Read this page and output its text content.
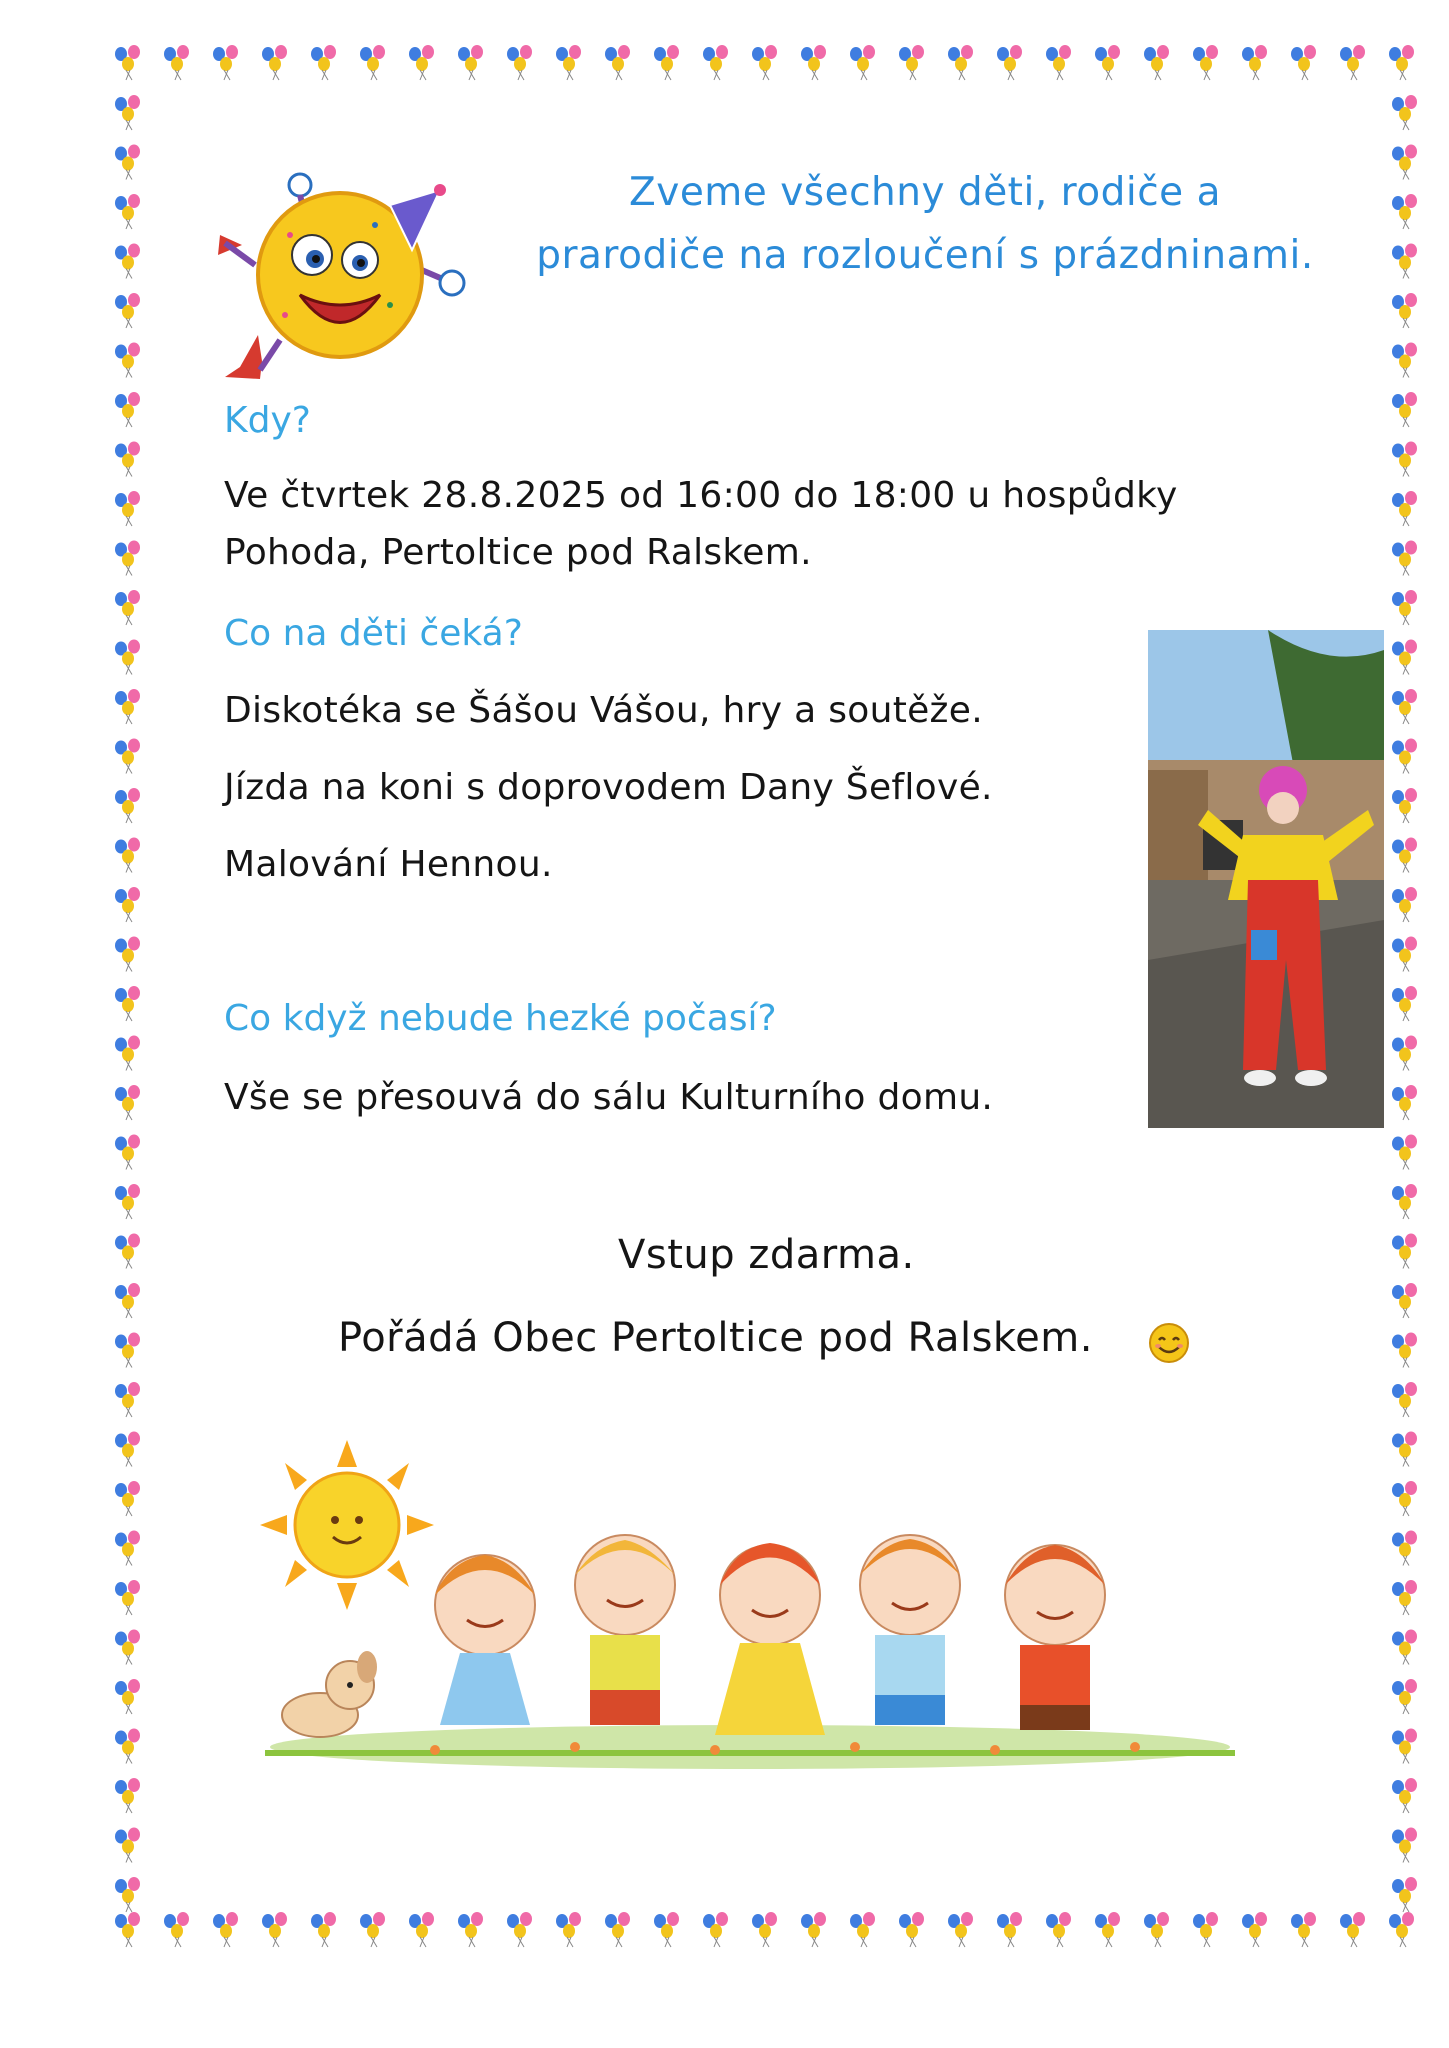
Zveme všechny děti, rodiče a
prarodiče na rozloučení s prázdninami.
Kdy?
Ve čtvrtek 28.8.2025 od 16:00 do 18:00 u hospůdky
Pohoda, Pertoltice pod Ralskem.
Co na děti čeká?
Diskotéka se Šášou Vášou, hry a soutěže.
Jízda na koni s doprovodem Dany Šeflové.
Malování Hennou.
Co když nebude hezké počasí?
Vše se přesouvá do sálu Kulturního domu.
Vstup zdarma.
Pořádá Obec Pertoltice pod Ralskem.
